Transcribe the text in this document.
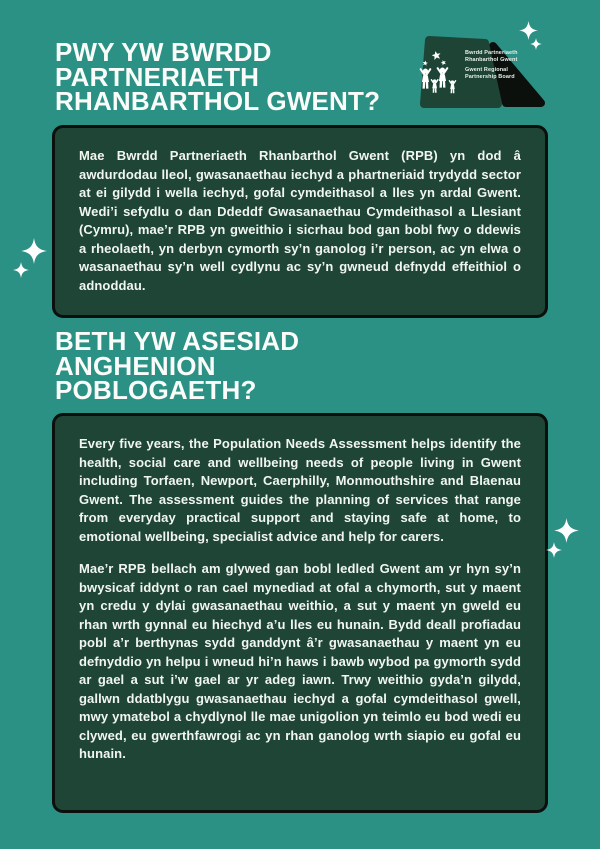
PWY YW BWRDD
PARTNERIAETH
RHANBARTHOL GWENT?
Bwrdd Partneriaeth
Rhanbarthol Gwent
Gwent Regional
Partnership Board

Mae Bwrdd Partneriaeth Rhanbarthol Gwent (RPB) yn dod â awdurdodau lleol, gwasanaethau iechyd a phartneriaid trydydd sector at ei gilydd i wella iechyd, gofal cymdeithasol a lles yn ardal Gwent. Wedi’i sefydlu o dan Ddeddf Gwasanaethau Cymdeithasol a Llesiant (Cymru), mae’r RPB yn gweithio i sicrhau bod gan bobl fwy o ddewis a rheolaeth, yn derbyn cymorth sy’n ganolog i’r person, ac yn elwa o wasanaethau sy’n well cydlynu ac sy’n gwneud defnydd effeithiol o adnoddau.

BETH YW ASESIAD
ANGHENION
POBLOGAETH?

Every five years, the Population Needs Assessment helps identify the health, social care and wellbeing needs of people living in Gwent including Torfaen, Newport, Caerphilly, Monmouthshire and Blaenau Gwent. The assessment guides the planning of services that range from everyday practical support and staying safe at home, to emotional wellbeing, specialist advice and help for carers.

Mae’r RPB bellach am glywed gan bobl ledled Gwent am yr hyn sy’n bwysicaf iddynt o ran cael mynediad at ofal a chymorth, sut y maent yn credu y dylai gwasanaethau weithio, a sut y maent yn gweld eu rhan wrth gynnal eu hiechyd a’u lles eu hunain. Bydd deall profiadau pobl a’r berthynas sydd ganddynt â’r gwasanaethau y maent yn eu defnyddio yn helpu i wneud hi’n haws i bawb wybod pa gymorth sydd ar gael a sut i’w gael ar yr adeg iawn. Trwy weithio gyda’n gilydd, gallwn ddatblygu gwasanaethau iechyd a gofal cymdeithasol gwell, mwy ymatebol a chydlynol lle mae unigolion yn teimlo eu bod wedi eu clywed, eu gwerthfawrogi ac yn rhan ganolog wrth siapio eu gofal eu hunain.
